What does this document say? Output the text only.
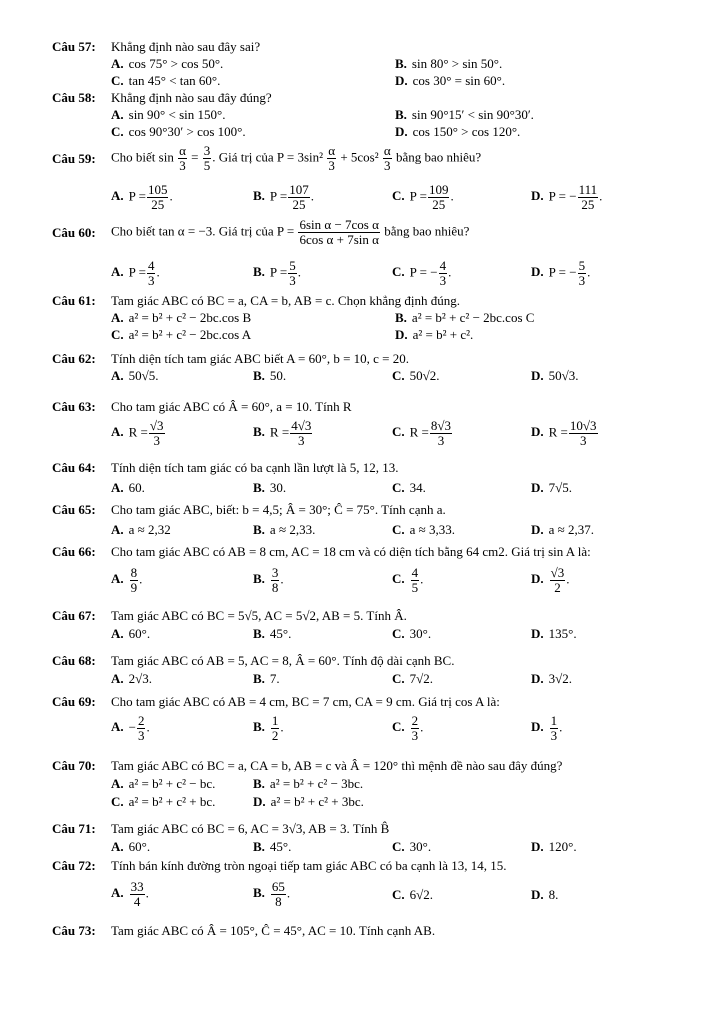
Câu 57:	Khẳng định nào sau đây sai?
A. cos 75° > cos 50°.	B. sin 80° > sin 50°.
C. tan 45° < tan 60°.	D. cos 30° = sin 60°.
Câu 58:	Khẳng định nào sau đây đúng?
A. sin 90° < sin 150°.	B. sin 90°15′ < sin 90°30′.
C. cos 90°30′ > cos 100°.	D. cos 150° > cos 120°.
Câu 59:	Cho biết $\sin \frac{\alpha}{3} = \frac{3}{5}$ . Giá trị của $P = 3\sin^2 \frac{\alpha}{3} + 5\cos^2 \frac{\alpha}{3}$ bằng bao nhiêu?
A. $P = \frac{105}{25}$ .	B. $P = \frac{107}{25}$ .	C. $P = \frac{109}{25}$ .	D. P = − $\frac{111}{25}$ .
Câu 60:	Cho biết tan α = −3. Giá trị của $P = \frac{\text{6sin α − 7cos α}}{\text{6cos α + 7sin α}}$ bằng bao nhiêu?
A. $P = \frac{4}{3}$ .	B. $P = \frac{5}{3}$ .	C. P = − $\frac{4}{3}$ .	D. P = − $\frac{5}{3}$ .
Câu 61:	Tam giác ABC có BC = a, CA = b, AB = c. Chọn khẳng định đúng.
A. a² = b² + c² − 2bc.cos B	B. a² = b² + c² − 2bc.cos C
C. a² = b² + c² − 2bc.cos A	D. a² = b² + c².
Câu 62:	Tính diện tích tam giác ABC biết A = 60°, b = 10, c = 20.
A. 50√5.	B. 50.	C. 50√2.	D. 50√3.
Câu 63:	Cho tam giác ABC có Â = 60°, a = 10. Tính R
A. $R = \frac{√3}{3}$	B. $R = \frac{4√3}{3}$	C. $R = \frac{8√3}{3}$	D. $R = \frac{10√3}{3}$
Câu 64:	Tính diện tích tam giác có ba cạnh lần lượt là 5, 12, 13.
A. 60.	B. 30.	C. 34.	D. 7√5.
Câu 65:	Cho tam giác ABC, biết: b = 4,5; Â = 30°; Ĉ = 75°. Tính cạnh a.
A. a ≈ 2,32	B. a ≈ 2,33.	C. a ≈ 3,33.	D. a ≈ 2,37.
Câu 66:	Cho tam giác ABC có AB = 8 cm, AC = 18 cm và có diện tích bằng 64 cm2. Giá trị sin A là:
A. $\frac{8}{9}$ .	B. $\frac{3}{8}$ .	C. $\frac{4}{5}$ .	D. $\frac{√3}{2}$ .
Câu 67:	Tam giác ABC có BC = 5√5, AC = 5√2, AB = 5. Tính Â.
A. 60°.	B. 45°.	C. 30°.	D. 135°.
Câu 68:	Tam giác ABC có AB = 5, AC = 8, Â = 60°. Tính độ dài cạnh BC.
A. 2√3.	B. 7.	C. 7√2.	D. 3√2.
Câu 69:	Cho tam giác ABC có AB = 4 cm, BC = 7 cm, CA = 9 cm. Giá trị cos A là:
A. − $\frac{2}{3}$ .	B. $\frac{1}{2}$ .	C. $\frac{2}{3}$ .	D. $\frac{1}{3}$ .
Câu 70:	Tam giác ABC có BC = a, CA = b, AB = c và Â = 120° thì mệnh đề nào sau đây đúng?
A. a² = b² + c² − bc.	B. a² = b² + c² − 3bc.
C. a² = b² + c² + bc.	D. a² = b² + c² + 3bc.
Câu 71:	Tam giác ABC có BC = 6, AC = 3√3, AB = 3. Tính B̂
A. 60°.	B. 45°.	C. 30°.	D. 120°.
Câu 72:	Tính bán kính đường tròn ngoại tiếp tam giác ABC có ba cạnh là 13, 14, 15.
A. $\frac{33}{4}$ .	B. $\frac{65}{8}$ .	C. 6√2.	D. 8.
Câu 73:	Tam giác ABC có Â = 105°, Ĉ = 45°, AC = 10. Tính cạnh AB.
